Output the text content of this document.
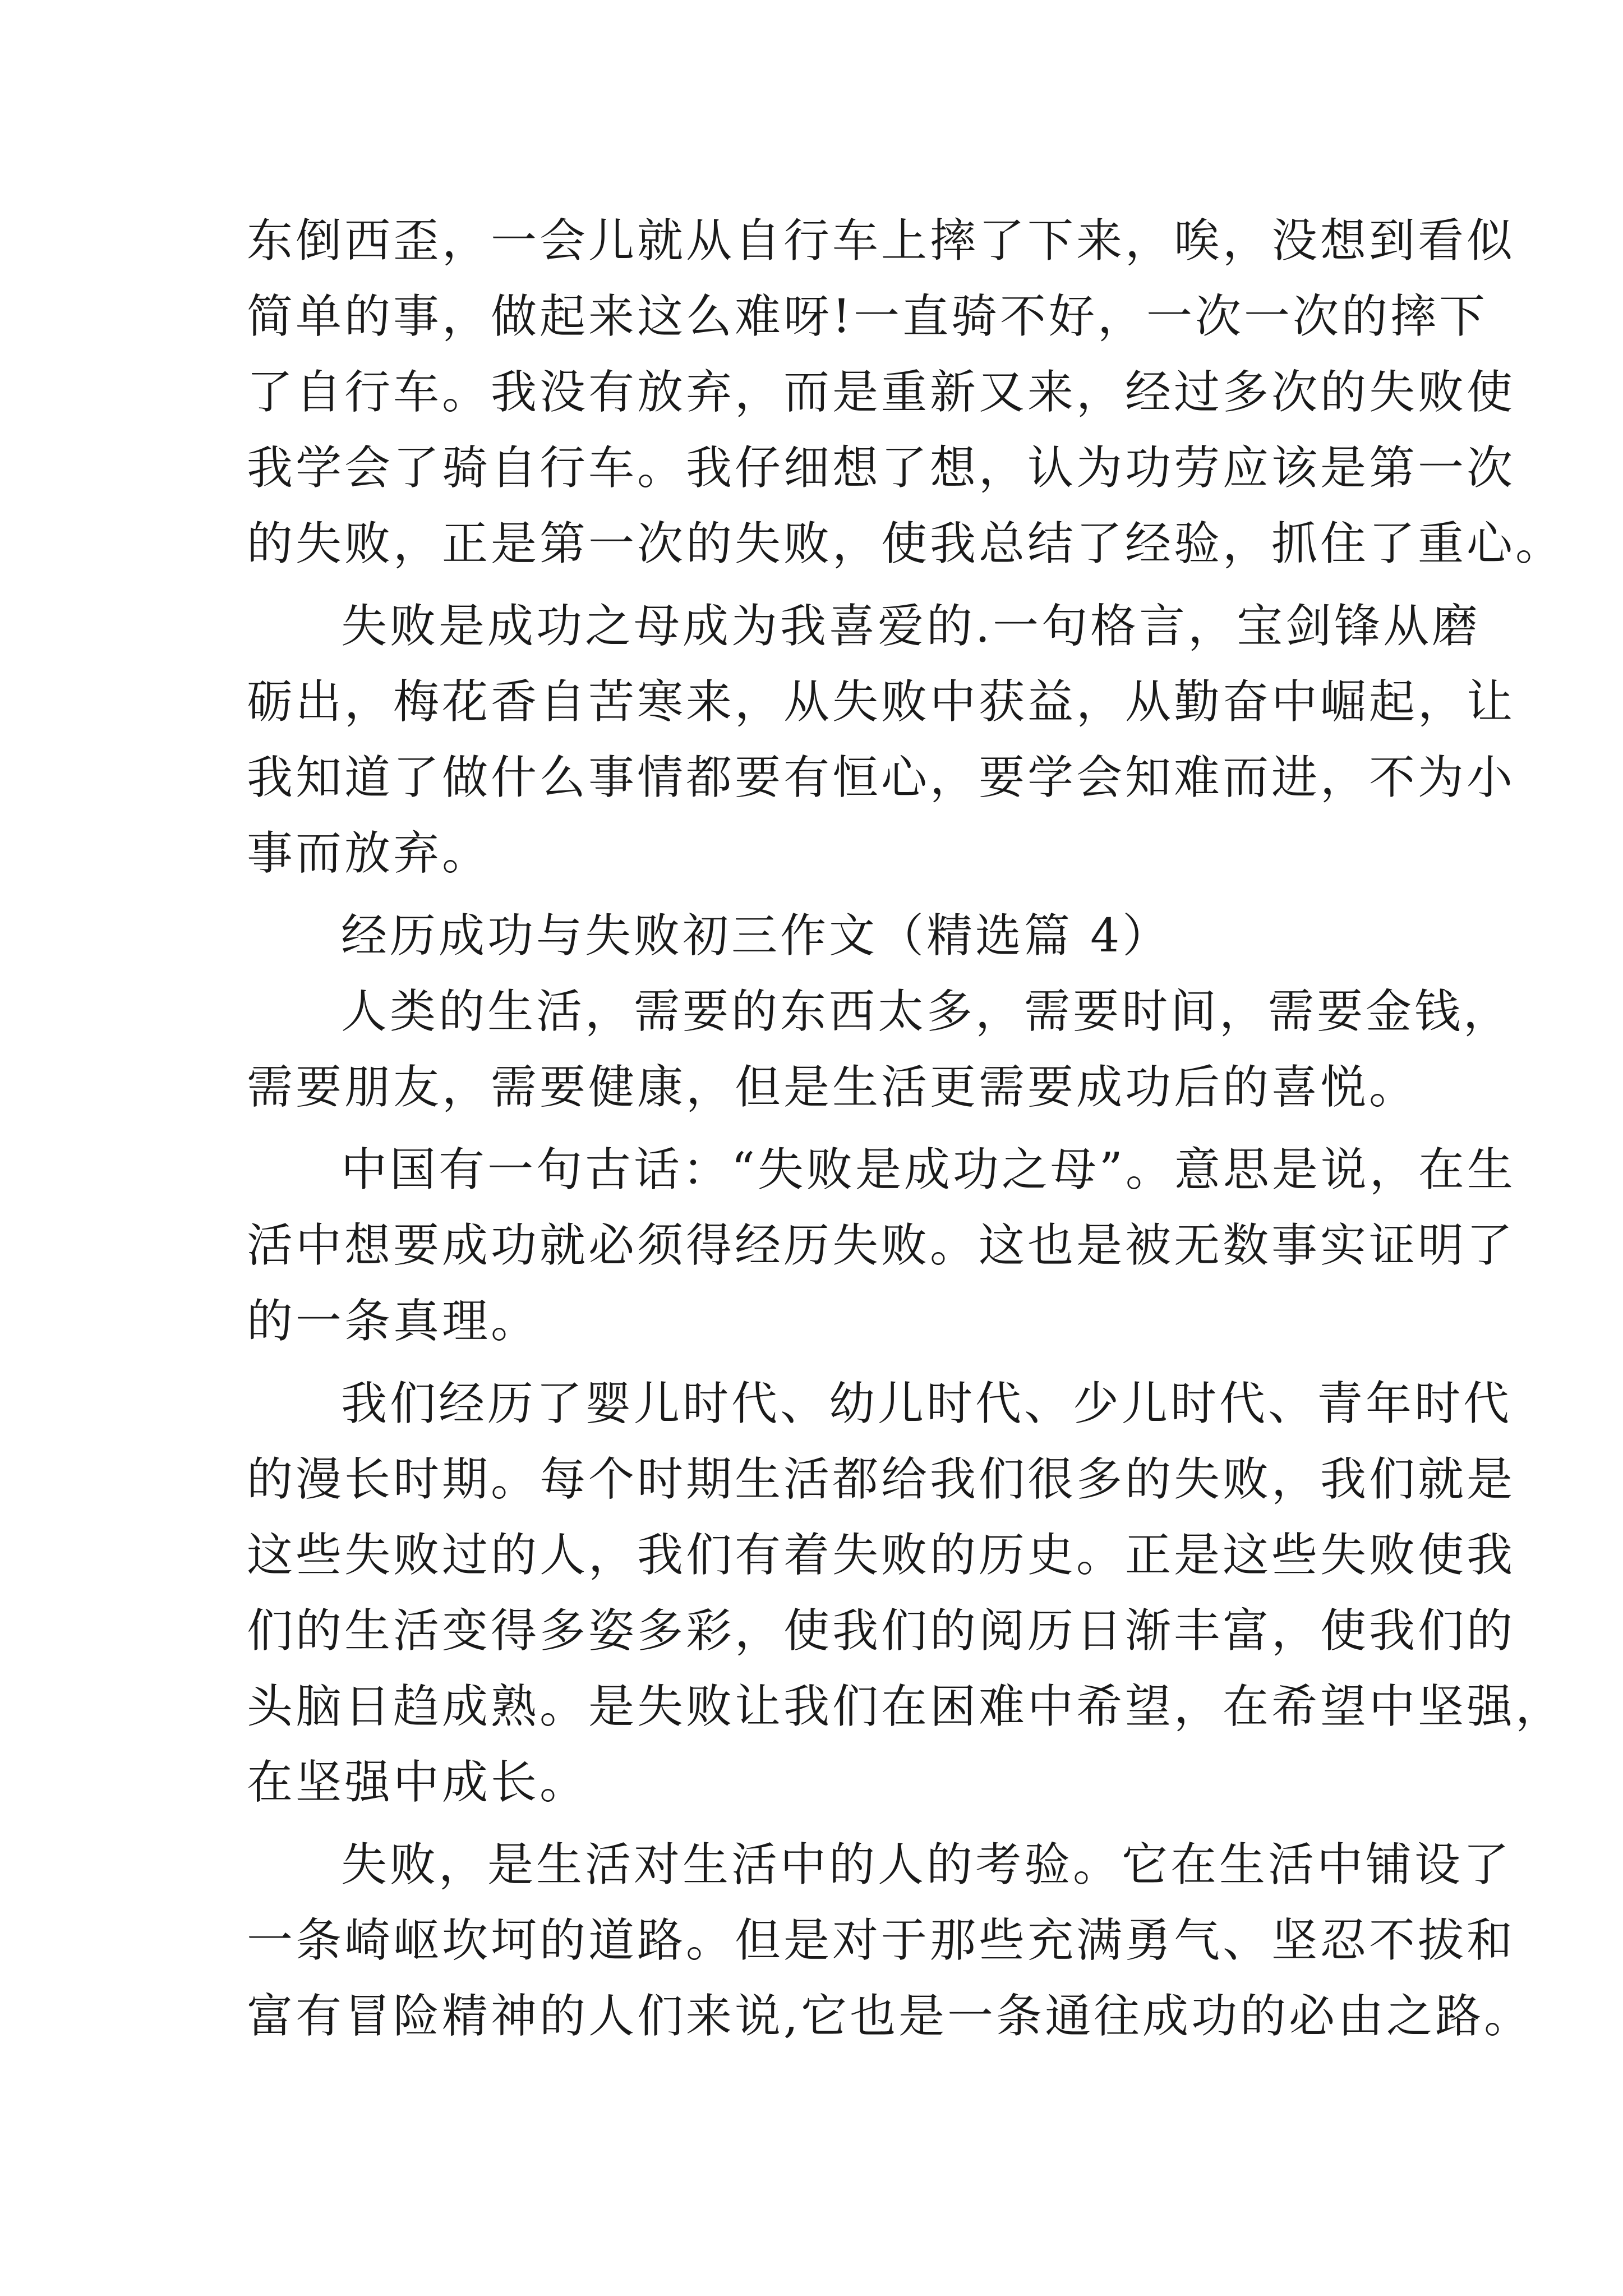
东倒西歪，一会儿就从自行车上摔了下来，唉，没想到看似
简单的事，做起来这么难呀!一直骑不好，一次一次的摔下
了自行车。我没有放弃，而是重新又来，经过多次的失败使
我学会了骑自行车。我仔细想了想，认为功劳应该是第一次
的失败，正是第一次的失败，使我总结了经验，抓住了重心。
失败是成功之母成为我喜爱的.一句格言，宝剑锋从磨
砺出，梅花香自苦寒来，从失败中获益，从勤奋中崛起，让
我知道了做什么事情都要有恒心，要学会知难而进，不为小
事而放弃。
经历成功与失败初三作文（精选篇 4）
人类的生活，需要的东西太多，需要时间，需要金钱，
需要朋友，需要健康，但是生活更需要成功后的喜悦。
中国有一句古话：“失败是成功之母”。意思是说，在生
活中想要成功就必须得经历失败。这也是被无数事实证明了
的一条真理。
我们经历了婴儿时代、幼儿时代、少儿时代、青年时代
的漫长时期。每个时期生活都给我们很多的失败，我们就是
这些失败过的人，我们有着失败的历史。正是这些失败使我
们的生活变得多姿多彩，使我们的阅历日渐丰富，使我们的
头脑日趋成熟。是失败让我们在困难中希望，在希望中坚强，
在坚强中成长。
失败，是生活对生活中的人的考验。它在生活中铺设了
一条崎岖坎坷的道路。但是对于那些充满勇气、坚忍不拔和
富有冒险精神的人们来说,它也是一条通往成功的必由之路。
